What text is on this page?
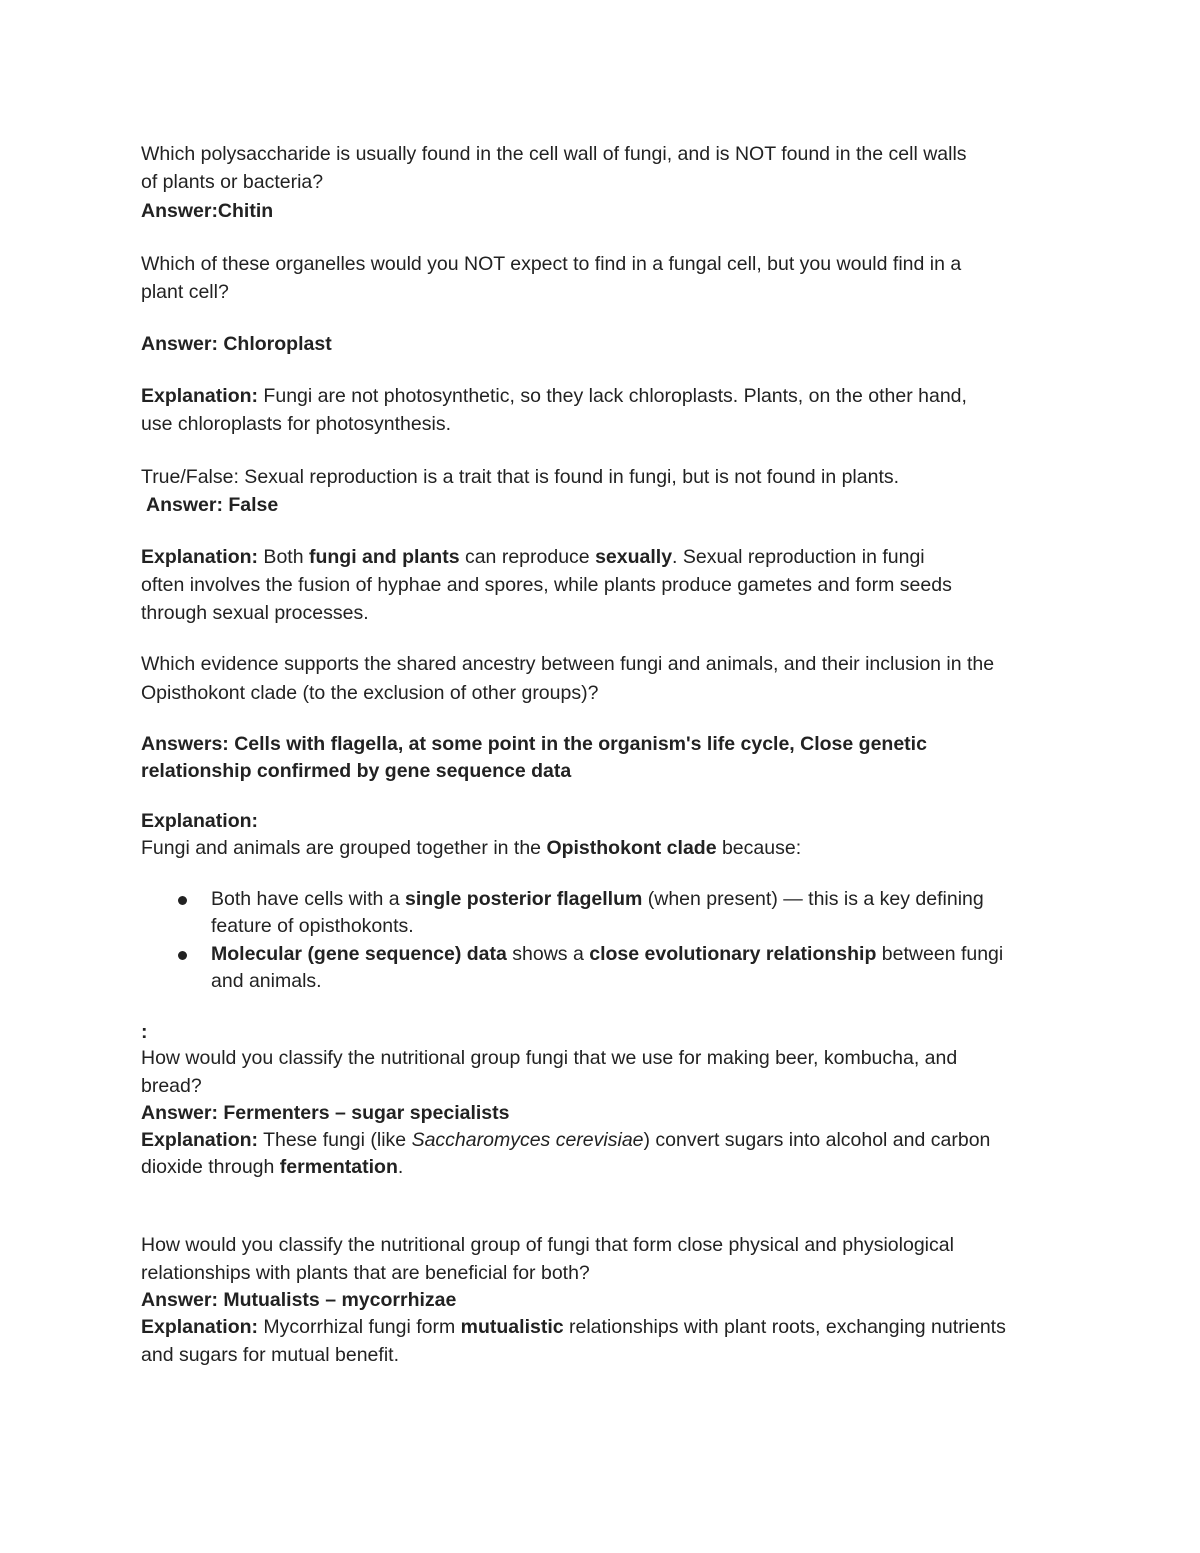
Which polysaccharide is usually found in the cell wall of fungi, and is NOT found in the cell walls
of plants or bacteria?
Answer:Chitin
Which of these organelles would you NOT expect to find in a fungal cell, but you would find in a
plant cell?
Answer: Chloroplast
Explanation: Fungi are not photosynthetic, so they lack chloroplasts. Plants, on the other hand,
use chloroplasts for photosynthesis.
True/False: Sexual reproduction is a trait that is found in fungi, but is not found in plants.
Answer: False
Explanation: Both fungi and plants can reproduce sexually. Sexual reproduction in fungi
often involves the fusion of hyphae and spores, while plants produce gametes and form seeds
through sexual processes.
Which evidence supports the shared ancestry between fungi and animals, and their inclusion in the
Opisthokont clade (to the exclusion of other groups)?
Answers: Cells with flagella, at some point in the organism's life cycle, Close genetic
relationship confirmed by gene sequence data
Explanation:
Fungi and animals are grouped together in the Opisthokont clade because:
Both have cells with a single posterior flagellum (when present) — this is a key defining
feature of opisthokonts.
Molecular (gene sequence) data shows a close evolutionary relationship between fungi
and animals.
:
How would you classify the nutritional group fungi that we use for making beer, kombucha, and
bread?
Answer: Fermenters – sugar specialists
Explanation: These fungi (like Saccharomyces cerevisiae) convert sugars into alcohol and carbon
dioxide through fermentation.
How would you classify the nutritional group of fungi that form close physical and physiological
relationships with plants that are beneficial for both?
Answer: Mutualists – mycorrhizae
Explanation: Mycorrhizal fungi form mutualistic relationships with plant roots, exchanging nutrients
and sugars for mutual benefit.
